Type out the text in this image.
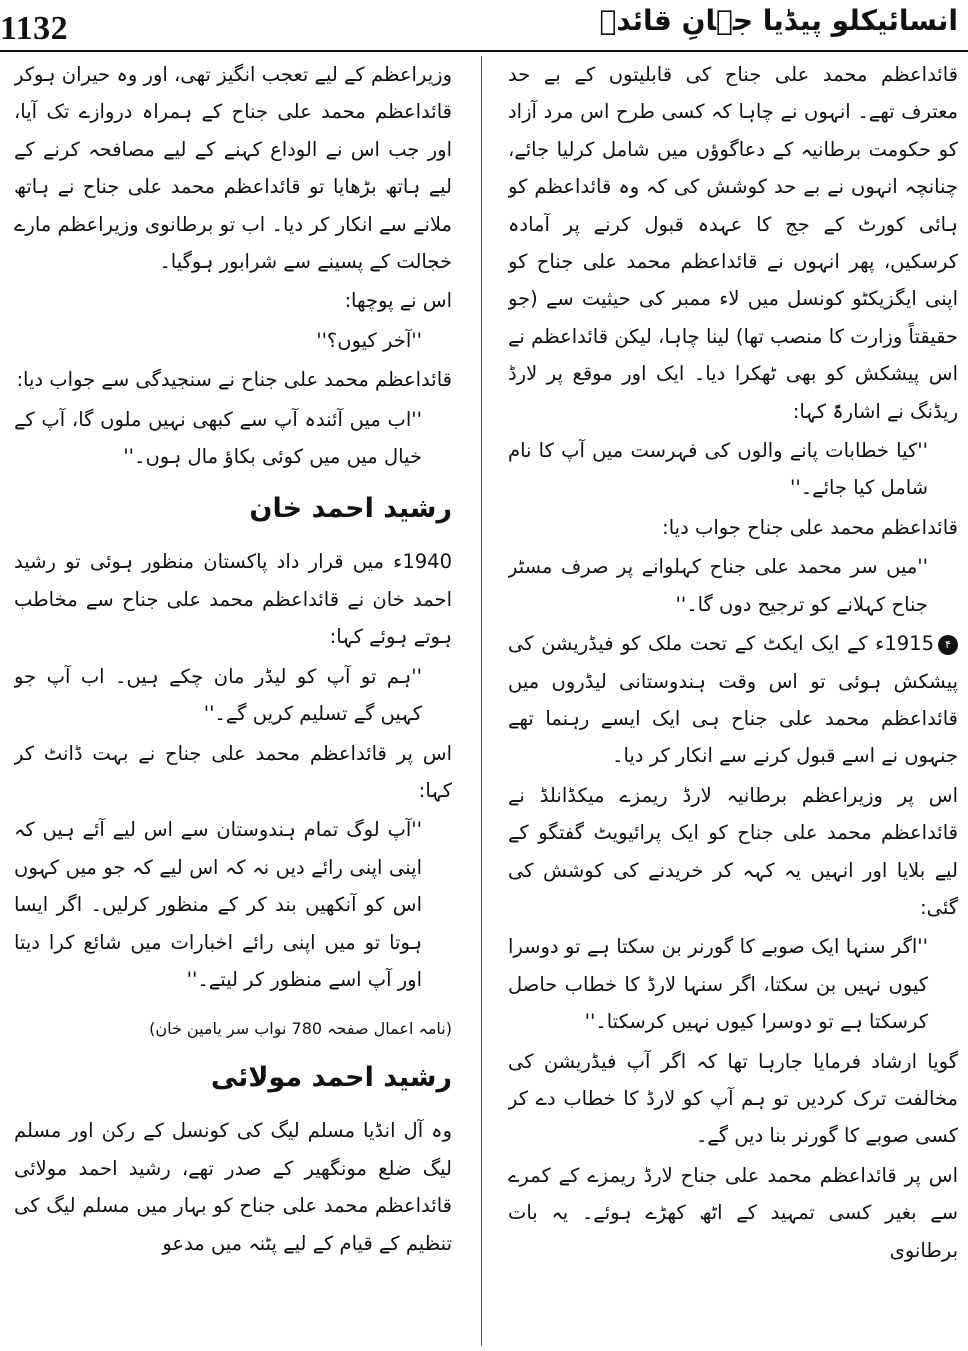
1132	انسائیکلو پیڈیا جہانِ قائدؒ

قائداعظم محمد علی جناح کی قابلیتوں کے بے حد معترف تھے۔ انہوں نے چاہا کہ کسی طرح اس مرد آزاد کو حکومت برطانیہ کے دعاگوؤں میں شامل کرلیا جائے، چنانچہ انہوں نے بے حد کوشش کی کہ وہ قائداعظم کو ہائی کورٹ کے جج کا عہدہ قبول کرنے پر آمادہ کرسکیں، پھر انہوں نے قائداعظم محمد علی جناح کو اپنی ایگزیکٹو کونسل میں لاء ممبر کی حیثیت سے (جو حقیقتاً وزارت کا منصب تھا) لینا چاہا، لیکن قائداعظم نے اس پیشکش کو بھی ٹھکرا دیا۔ ایک اور موقع پر لارڈ ریڈنگ نے اشارۃً کہا:

''کیا خطابات پانے والوں کی فہرست میں آپ کا نام شامل کیا جائے۔''

قائداعظم محمد علی جناح جواب دیا:

''میں سر محمد علی جناح کہلوانے پر صرف مسٹر جناح کہلانے کو ترجیح دوں گا۔''

۴1915ء کے ایک ایکٹ کے تحت ملک کو فیڈریشن کی پیشکش ہوئی تو اس وقت ہندوستانی لیڈروں میں قائداعظم محمد علی جناح ہی ایک ایسے رہنما تھے جنہوں نے اسے قبول کرنے سے انکار کر دیا۔

اس پر وزیراعظم برطانیہ لارڈ ریمزے میکڈانلڈ نے قائداعظم محمد علی جناح کو ایک پرائیویٹ گفتگو کے لیے بلایا اور انہیں یہ کہہ کر خریدنے کی کوشش کی گئی:

''اگر سنہا ایک صوبے کا گورنر بن سکتا ہے تو دوسرا کیوں نہیں بن سکتا، اگر سنہا لارڈ کا خطاب حاصل کرسکتا ہے تو دوسرا کیوں نہیں کرسکتا۔''

گویا ارشاد فرمایا جارہا تھا کہ اگر آپ فیڈریشن کی مخالفت ترک کردیں تو ہم آپ کو لارڈ کا خطاب دے کر کسی صوبے کا گورنر بنا دیں گے۔

اس پر قائداعظم محمد علی جناح لارڈ ریمزے کے کمرے سے بغیر کسی تمہید کے اٹھ کھڑے ہوئے۔ یہ بات برطانوی

وزیراعظم کے لیے تعجب انگیز تھی، اور وہ حیران ہوکر قائداعظم محمد علی جناح کے ہمراہ دروازے تک آیا، اور جب اس نے الوداع کہنے کے لیے مصافحہ کرنے کے لیے ہاتھ بڑھایا تو قائداعظم محمد علی جناح نے ہاتھ ملانے سے انکار کر دیا۔ اب تو برطانوی وزیراعظم مارے خجالت کے پسینے سے شرابور ہوگیا۔

اس نے پوچھا:

''آخر کیوں؟''

قائداعظم محمد علی جناح نے سنجیدگی سے جواب دیا:

''اب میں آئندہ آپ سے کبھی نہیں ملوں گا، آپ کے خیال میں میں کوئی بکاؤ مال ہوں۔''

رشید احمد خان

1940ء میں قرار داد پاکستان منظور ہوئی تو رشید احمد خان نے قائداعظم محمد علی جناح سے مخاطب ہوتے ہوئے کہا:

''ہم تو آپ کو لیڈر مان چکے ہیں۔ اب آپ جو کہیں گے تسلیم کریں گے۔''

اس پر قائداعظم محمد علی جناح نے بہت ڈانٹ کر کہا:

''آپ لوگ تمام ہندوستان سے اس لیے آئے ہیں کہ اپنی اپنی رائے دیں نہ کہ اس لیے کہ جو میں کہوں اس کو آنکھیں بند کر کے منظور کرلیں۔ اگر ایسا ہوتا تو میں اپنی رائے اخبارات میں شائع کرا دیتا اور آپ اسے منظور کر لیتے۔''

(نامہ اعمال صفحہ 780 نواب سر یامین خان)

رشید احمد مولائی

وہ آل انڈیا مسلم لیگ کی کونسل کے رکن اور مسلم لیگ ضلع مونگھیر کے صدر تھے، رشید احمد مولائی قائداعظم محمد علی جناح کو بہار میں مسلم لیگ کی تنظیم کے قیام کے لیے پٹنہ میں مدعو
